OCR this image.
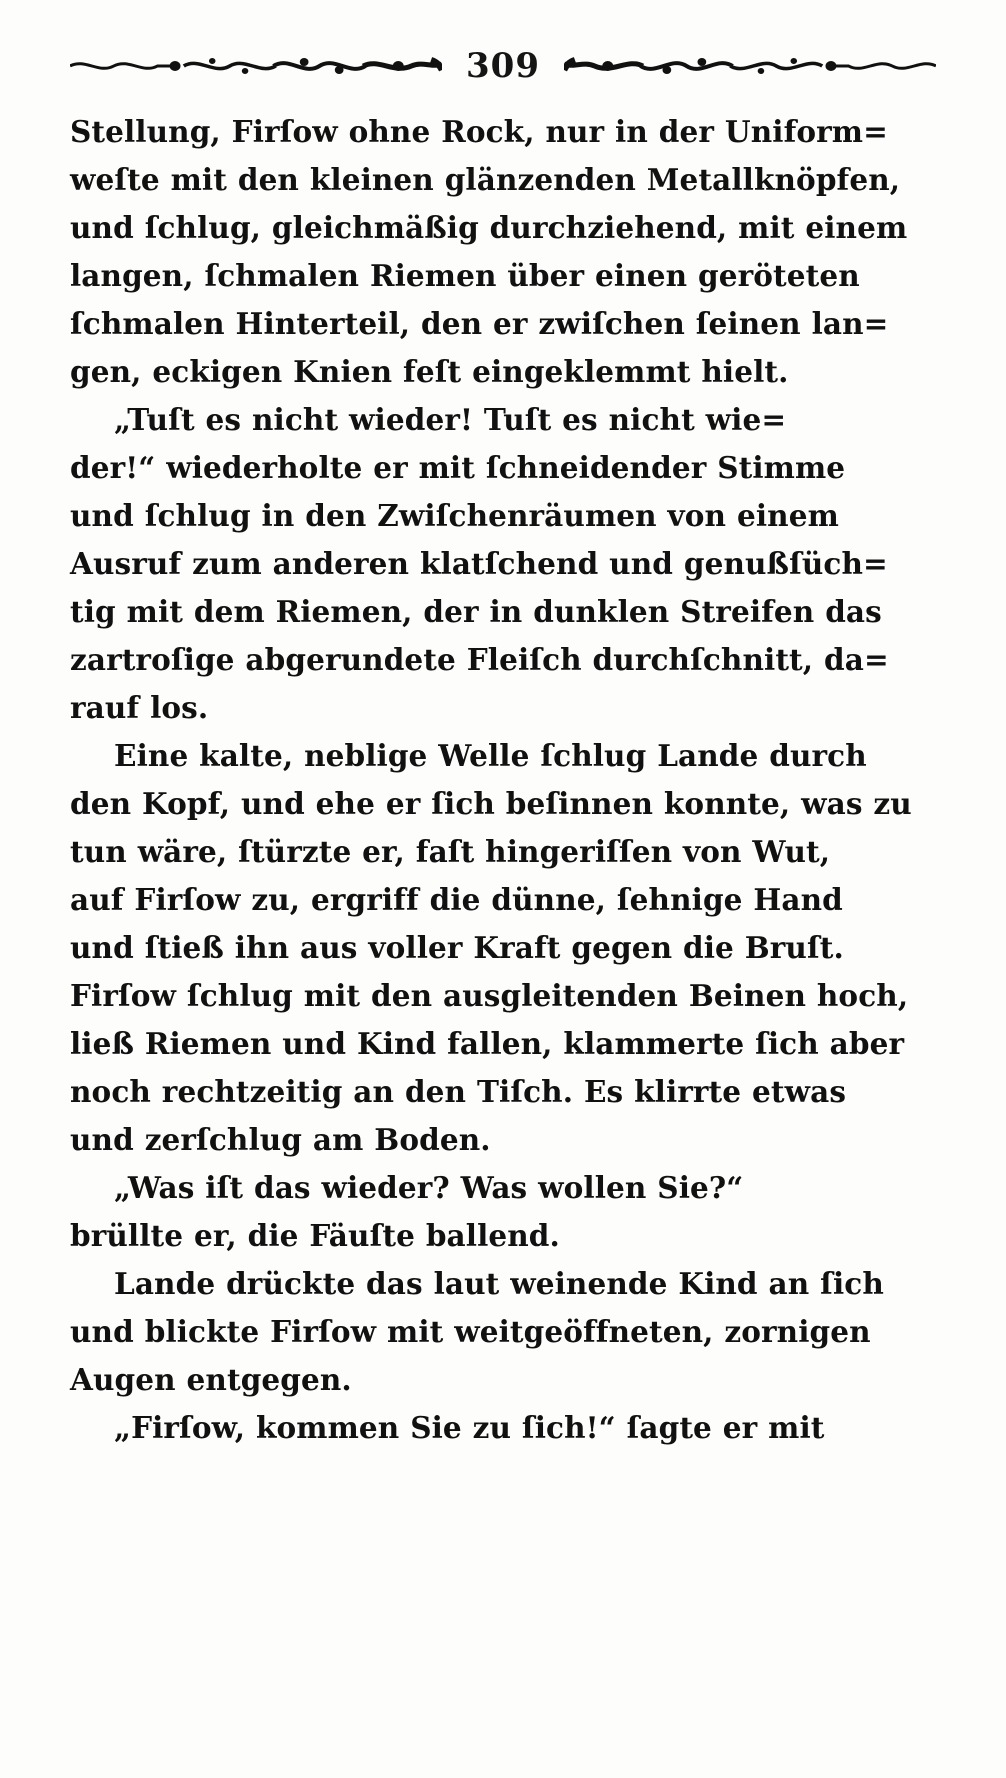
309

Stellung, Firſow ohne Rock, nur in der Uniform=
weſte mit den kleinen glänzenden Metallknöpfen,
und ſchlug, gleichmäßig durchziehend, mit einem
langen, ſchmalen Riemen über einen geröteten
ſchmalen Hinterteil, den er zwiſchen ſeinen lan=
gen, eckigen Knien feſt eingeklemmt hielt.

„Tuſt es nicht wieder! Tuſt es nicht wie=
der!“ wiederholte er mit ſchneidender Stimme
und ſchlug in den Zwiſchenräumen von einem
Ausruf zum anderen klatſchend und genußſüch=
tig mit dem Riemen, der in dunklen Streifen das
zartroſige abgerundete Fleiſch durchſchnitt, da=
rauf los.

Eine kalte, neblige Welle ſchlug Lande durch
den Kopf, und ehe er ſich beſinnen konnte, was zu
tun wäre, ſtürzte er, faſt hingeriſſen von Wut,
auf Firſow zu, ergriff die dünne, ſehnige Hand
und ſtieß ihn aus voller Kraft gegen die Bruſt.
Firſow ſchlug mit den ausgleitenden Beinen hoch,
ließ Riemen und Kind fallen, klammerte ſich aber
noch rechtzeitig an den Tiſch. Es klirrte etwas
und zerſchlug am Boden.

„Was iſt das wieder? Was wollen Sie?“
brüllte er, die Fäuſte ballend.

Lande drückte das laut weinende Kind an ſich
und blickte Firſow mit weitgeöffneten, zornigen
Augen entgegen.

„Firſow, kommen Sie zu ſich!“ ſagte er mit
